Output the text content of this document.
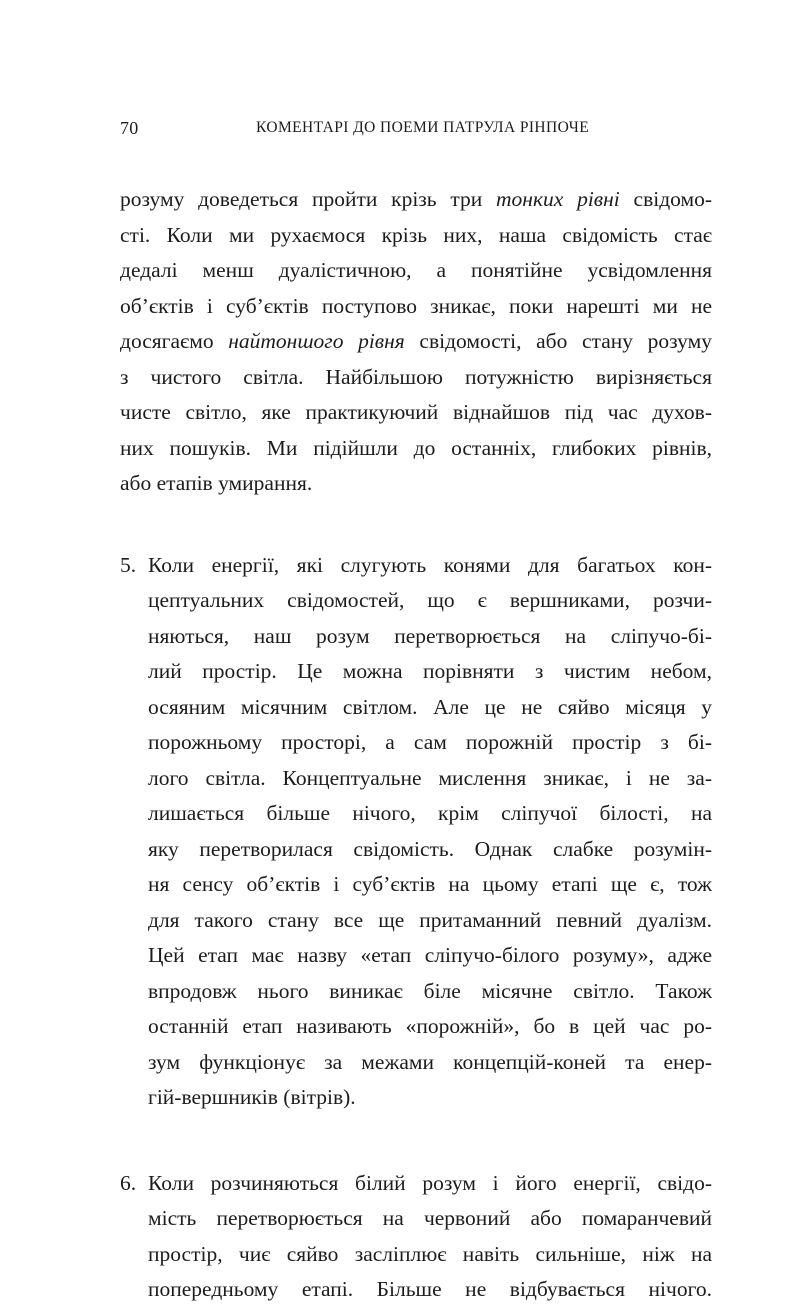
70	КОМЕНТАРІ ДО ПОЕМИ ПАТРУЛА РІНПОЧЕ
розуму доведеться пройти крізь три тонких рівні свідомо-
сті. Коли ми рухаємося крізь них, наша свідомість стає
дедалі менш дуалістичною, а понятійне усвідомлення
об’єктів і суб’єктів поступово зникає, поки нарешті ми не
досягаємо найтоншого рівня свідомості, або стану розуму
з чистого світла. Найбільшою потужністю вирізняється
чисте світло, яке практикуючий віднайшов під час духов-
них пошуків. Ми підійшли до останніх, глибоких рівнів,
або етапів умирання.
5. Коли енергії, які слугують конями для багатьох кон-
цептуальних свідомостей, що є вершниками, розчи-
няються, наш розум перетворюється на сліпучо-бі-
лий простір. Це можна порівняти з чистим небом,
осяяним місячним світлом. Але це не сяйво місяця у
порожньому просторі, а сам порожній простір з бі-
лого світла. Концептуальне мислення зникає, і не за-
лишається більше нічого, крім сліпучої білості, на
яку перетворилася свідомість. Однак слабке розумін-
ня сенсу об’єктів і суб’єктів на цьому етапі ще є, тож
для такого стану все ще притаманний певний дуалізм.
Цей етап має назву «етап сліпучо-білого розуму», адже
впродовж нього виникає біле місячне світло. Також
останній етап називають «порожній», бо в цей час ро-
зум функціонує за межами концепцій-коней та енер-
гій-вершників (вітрів).
6. Коли розчиняються білий розум і його енергії, свідо-
мість перетворюється на червоний або помаранчевий
простір, чиє сяйво засліплює навіть сильніше, ніж на
попередньому етапі. Більше не відбувається нічого.
